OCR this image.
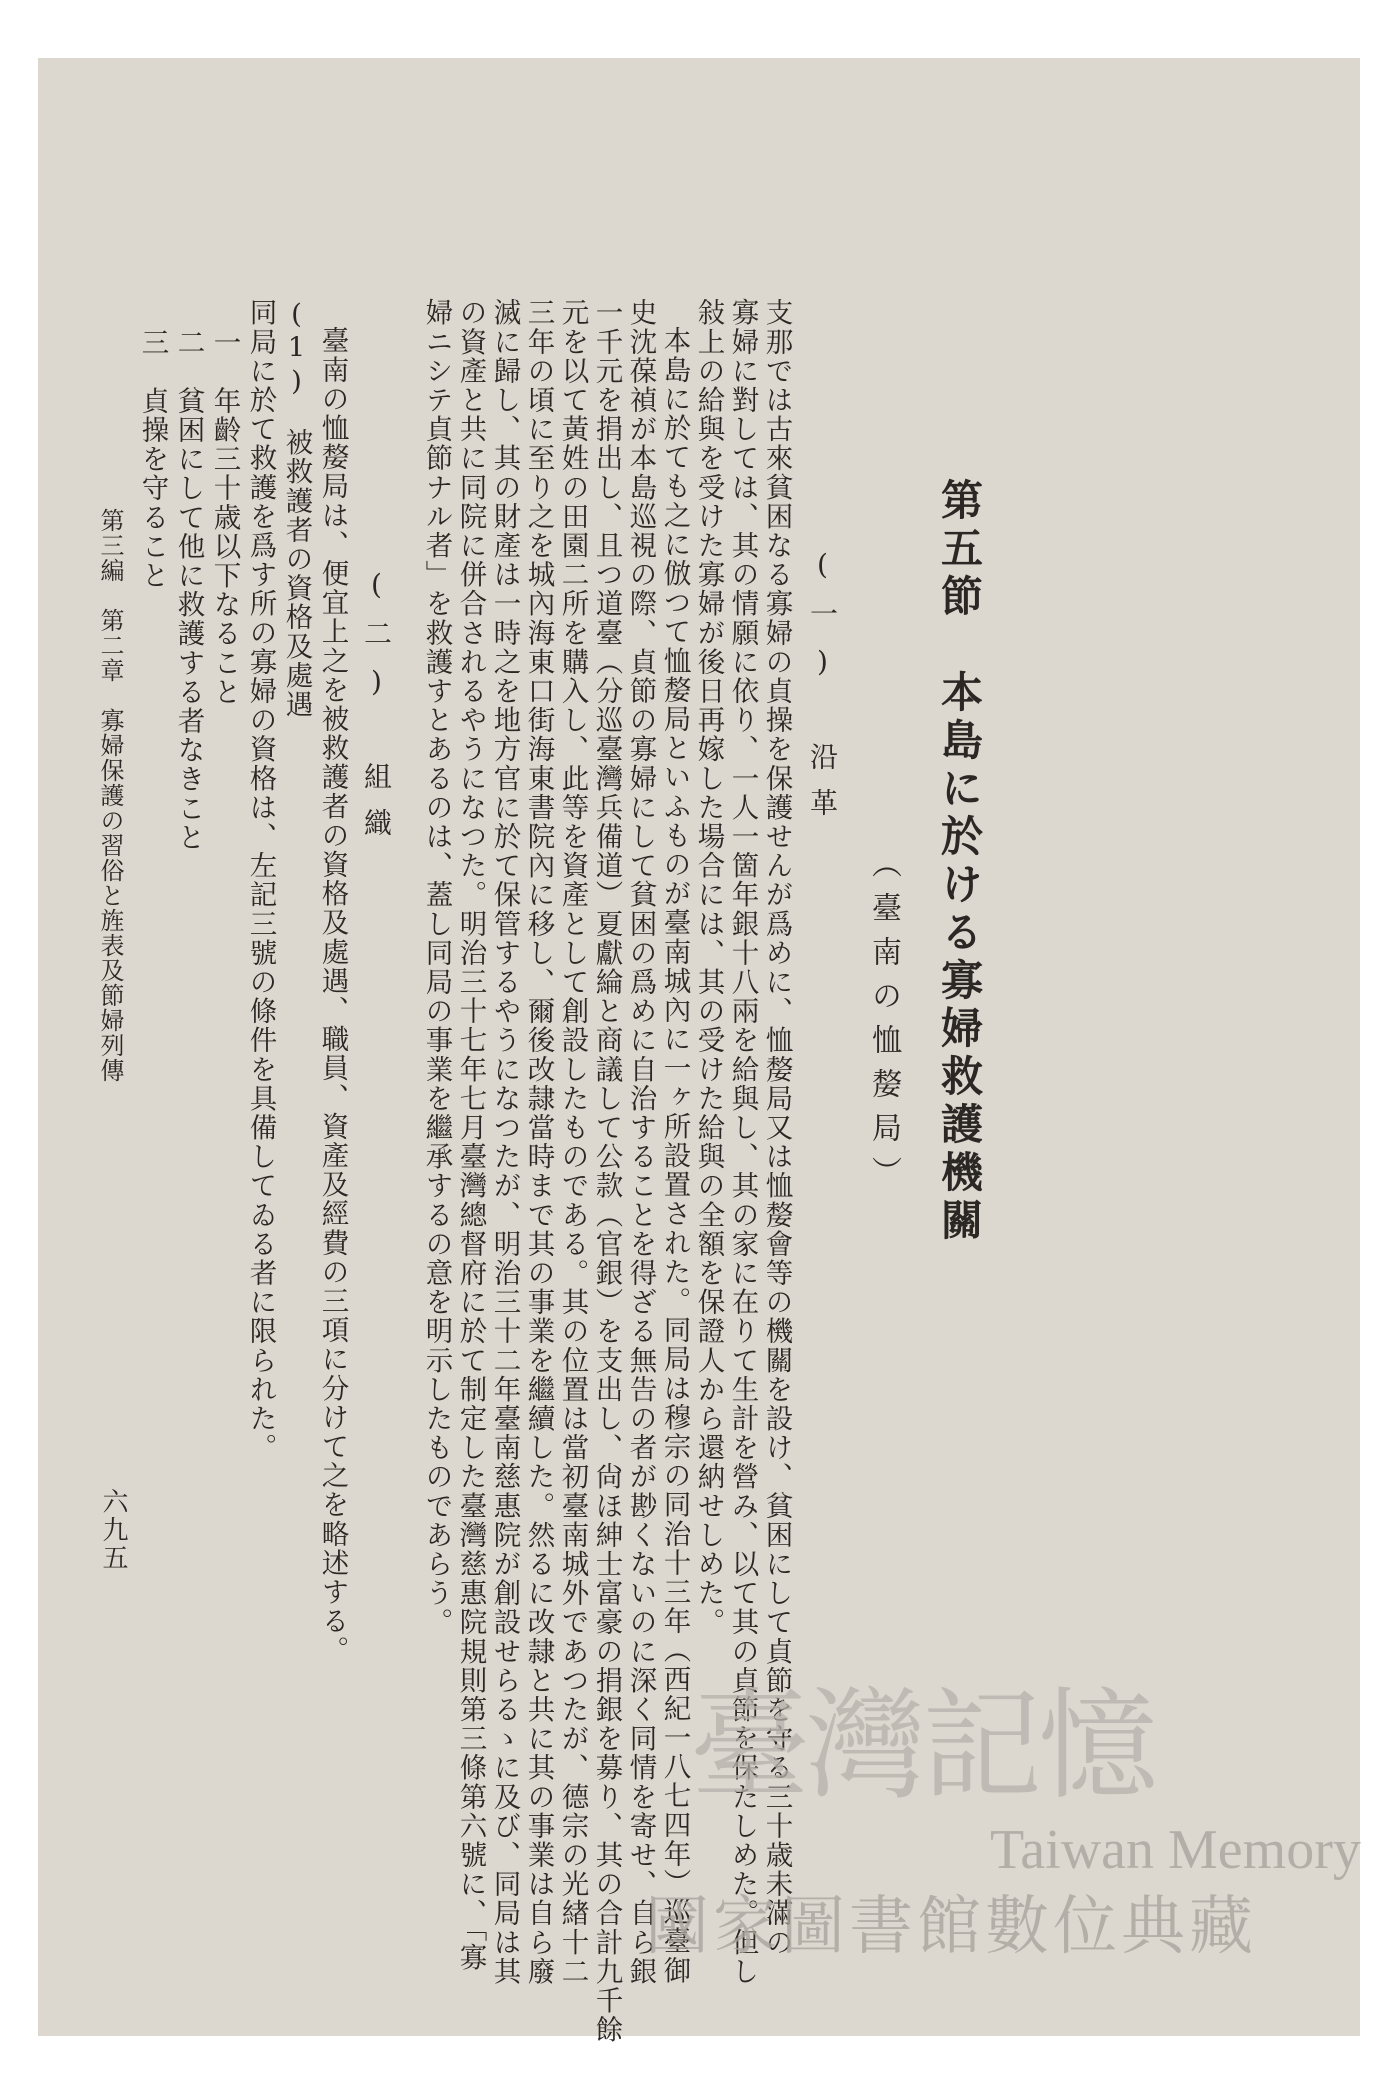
第五節　本島に於ける寡婦救護機關
（臺南の恤嫠局）
(一)　沿革
支那では古來貧困なる寡婦の貞操を保護せんが爲めに、恤嫠局又は恤嫠會等の機關を設け、貧困にして貞節を守る三十歳未滿の
寡婦に對しては、其の情願に依り、一人一箇年銀十八兩を給與し、其の家に在りて生計を營み、以て其の貞節を保たしめた。但し
敍上の給與を受けた寡婦が後日再嫁した場合には、其の受けた給與の全額を保證人から還納せしめた。
本島に於ても之に倣つて恤嫠局といふものが臺南城內に一ヶ所設置された。同局は穆宗の同治十三年（西紀一八七四年）巡臺御
史沈葆禎が本島巡視の際、貞節の寡婦にして貧困の爲めに自治することを得ざる無告の者が尠くないのに深く同情を寄せ、自ら銀
一千元を捐出し、且つ道臺（分巡臺灣兵備道）夏獻綸と商議して公款（官銀）を支出し、尙ほ紳士富豪の捐銀を募り、其の合計九千餘
元を以て黃姓の田園二所を購入し、此等を資產として創設したものである。其の位置は當初臺南城外であつたが、德宗の光緖十二
三年の頃に至り之を城內海東口街海東書院內に移し、爾後改隷當時まで其の事業を繼續した。然るに改隷と共に其の事業は自ら廢
滅に歸し、其の財產は一時之を地方官に於て保管するやうになつたが、明治三十二年臺南慈惠院が創設せらるゝに及び、同局は其
の資產と共に同院に併合されるやうになつた。明治三十七年七月臺灣總督府に於て制定した臺灣慈惠院規則第三條第六號に、「寡
婦ニシテ貞節ナル者」を救護すとあるのは、蓋し同局の事業を繼承するの意を明示したものであらう。
(二)　組織
臺南の恤嫠局は、便宜上之を被救護者の資格及處遇、職員、資產及經費の三項に分けて之を略述する。
(1)　被救護者の資格及處遇
同局に於て救護を爲す所の寡婦の資格は、左記三號の條件を具備してゐる者に限られた。
一　年齡三十歳以下なること
二　貧困にして他に救護する者なきこと
三　貞操を守ること
第三編　第二章　寡婦保護の習俗と旌表及節婦列傳
六九五
臺灣記憶
Taiwan Memory
國家圖書館數位典藏
